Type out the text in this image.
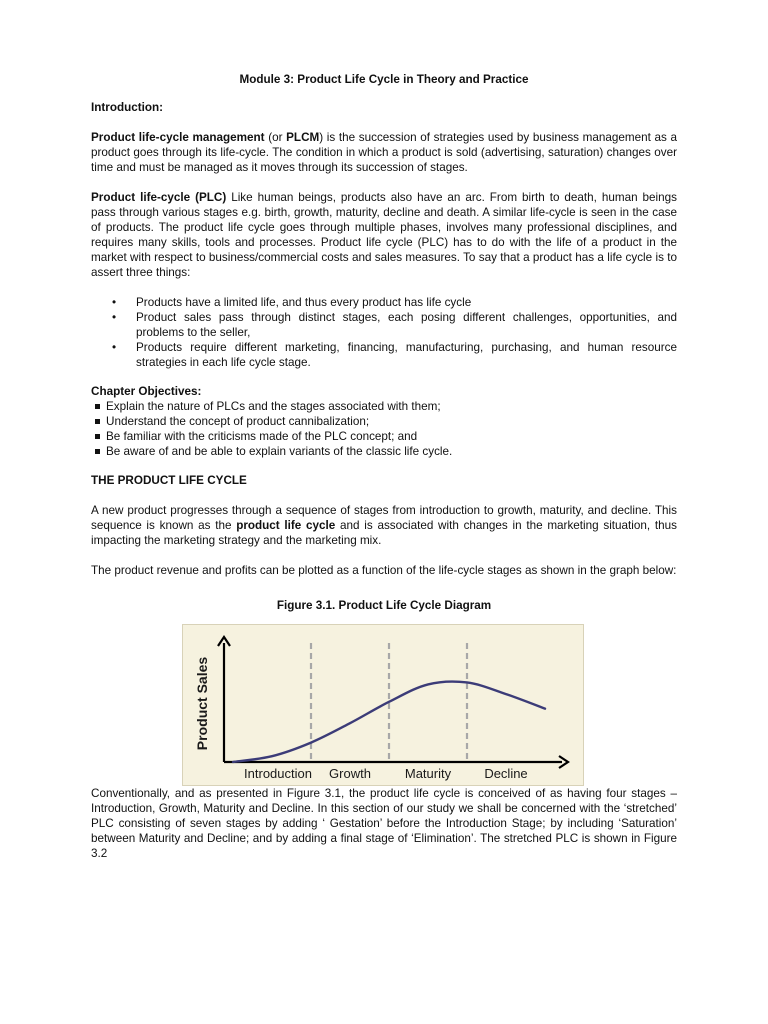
Module 3: Product Life Cycle in Theory and Practice
Introduction:

Product life-cycle management (or PLCM) is the succession of strategies used by business management as a product goes through its life-cycle. The condition in which a product is sold (advertising, saturation) changes over time and must be managed as it moves through its succession of stages.

Product life-cycle (PLC) Like human beings, products also have an arc. From birth to death, human beings pass through various stages e.g. birth, growth, maturity, decline and death. A similar life-cycle is seen in the case of products. The product life cycle goes through multiple phases, involves many professional disciplines, and requires many skills, tools and processes. Product life cycle (PLC) has to do with the life of a product in the market with respect to business/commercial costs and sales measures. To say that a product has a life cycle is to assert three things:

• Products have a limited life, and thus every product has life cycle
• Product sales pass through distinct stages, each posing different challenges, opportunities, and problems to the seller,
• Products require different marketing, financing, manufacturing, purchasing, and human resource strategies in each life cycle stage.
Chapter Objectives:
Explain the nature of PLCs and the stages associated with them;
Understand the concept of product cannibalization;
Be familiar with the criticisms made of the PLC concept; and
Be aware of and be able to explain variants of the classic life cycle.
THE PRODUCT LIFE CYCLE

A new product progresses through a sequence of stages from introduction to growth, maturity, and decline. This sequence is known as the product life cycle and is associated with changes in the marketing situation, thus impacting the marketing strategy and the marketing mix.

The product revenue and profits can be plotted as a function of the life-cycle stages as shown in the graph below:

Figure 3.1. Product Life Cycle Diagram
Product Sales
Introduction Growth	Maturity	Decline

Conventionally, and as presented in Figure 3.1, the product life cycle is conceived of as having four stages – Introduction, Growth, Maturity and Decline. In this section of our study we shall be concerned with the ‘stretched’ PLC consisting of seven stages by adding ‘ Gestation’ before the Introduction Stage; by including ‘Saturation’ between Maturity and Decline; and by adding a final stage of ‘Elimination’. The stretched PLC is shown in Figure 3.2
